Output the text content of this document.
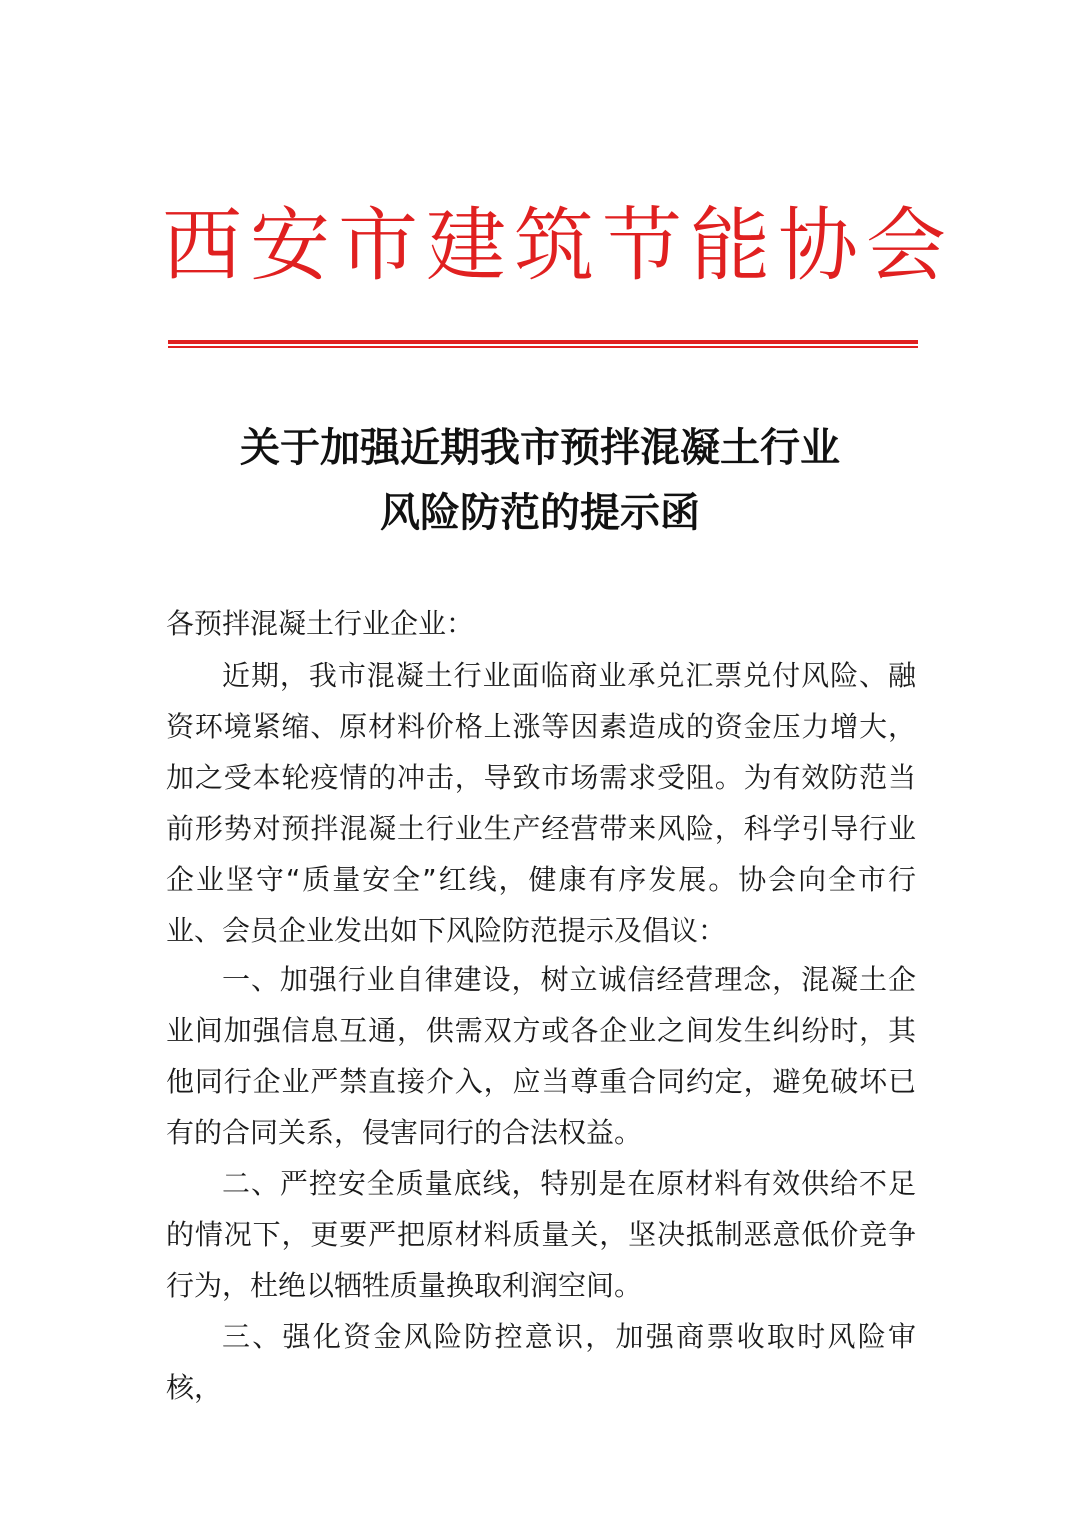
西安市建筑节能协会
关于加强近期我市预拌混凝土行业
风险防范的提示函
各预拌混凝土行业企业：
近期，我市混凝土行业面临商业承兑汇票兑付风险、融资环境紧缩、原材料价格上涨等因素造成的资金压力增大，加之受本轮疫情的冲击，导致市场需求受阻。为有效防范当前形势对预拌混凝土行业生产经营带来风险，科学引导行业企业坚守“质量安全”红线，健康有序发展。协会向全市行业、会员企业发出如下风险防范提示及倡议：
一、加强行业自律建设，树立诚信经营理念，混凝土企业间加强信息互通，供需双方或各企业之间发生纠纷时，其他同行企业严禁直接介入，应当尊重合同约定，避免破坏已有的合同关系，侵害同行的合法权益。
二、严控安全质量底线，特别是在原材料有效供给不足的情况下，更要严把原材料质量关，坚决抵制恶意低价竞争行为，杜绝以牺牲质量换取利润空间。
三、强化资金风险防控意识，加强商票收取时风险审核，
